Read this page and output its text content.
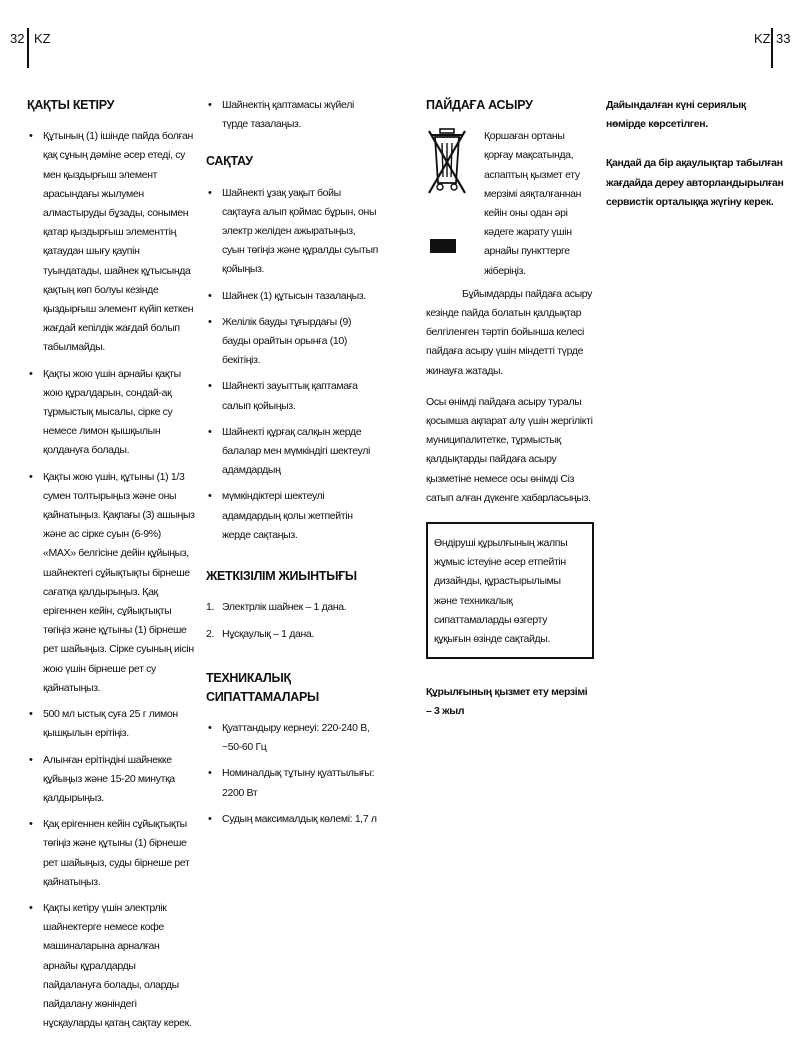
32 KZ	KZ 33
ҚАҚТЫ КЕТІРУ
• Құтының (1) ішінде пайда болған қақ сұның дәміне әсер етеді, су мен қыздырғыш элемент арасындағы жылумен алмастыруды бұзады, сонымен қатар қыздырғыш элементтің қатаудан шығу қаупін туындатады, шайнек құтысында қақтың көп болуы кезінде қыздырғыш элемент күйіп кеткен жағдай кепілдік жағдай болып табылмайды.
• Қақты жою үшін арнайы қақты жою құралдарын, сондай-ақ тұрмыстық мысалы, сірке су немесе лимон қышқылын қолдануға болады.
• Қақты жою үшін, құтыны (1) 1/3 сумен толтырыңыз және оны қайнатыңыз. Қақпағы (3) ашыңыз және ас сірке суын (6-9%) «MAX» белгісіне дейін құйыңыз, шайнектегі сұйықтықты бірнеше сағатқа қалдырыңыз. Қақ ерігеннен кейін, сұйықтықты төгіңіз және құтыны (1) бірнеше рет шайыңыз. Сірке суының иісін жою үшін бірнеше рет су қайнатыңыз.
• 500 мл ыстық суға 25 г лимон қышқылын ерітіңіз.
• Алынған ерітіндіні шайнекке құйыңыз және 15-20 минутқа қалдырыңыз.
• Қақ ерігеннен кейін сұйықтықты төгіңіз және құтыны (1) бірнеше рет шайыңыз, суды бірнеше рет қайнатыңыз.
• Қақты кетіру үшін электрлік шайнектерге немесе кофе машиналарына арналған арнайы құралдарды пайдалануға болады, оларды пайдалану жөніндегі нұсқауларды қатаң сақтау керек.
• Шайнектің қаптамасы жүйелі түрде тазалаңыз.
САҚТАУ
• Шайнекті ұзақ уақыт бойы сақтауға алып қоймас бұрын, оны электр желіден ажыратыңыз, суын төгіңіз және құралды суытып қойыңыз.
• Шайнек (1) құтысын тазалаңыз.
• Желілік бауды тұғырдағы (9) бауды орайтын орынға (10) бекітіңіз.
• Шайнекті зауыттық қаптамаға салып қойыңыз.
• Шайнекті құрғақ салқын жерде балалар мен мүмкіндігі шектеулі адамдардың
• мүмкіндіктері шектеулі адамдардың қолы жетпейтін жерде сақтаңыз.
ЖЕТКІЗІЛІМ ЖИЫНТЫҒЫ
1. Электрлік шайнек – 1 дана.
2. Нұсқаулық – 1 дана.
ТЕХНИКАЛЫҚ СИПАТТАМАЛАРЫ
• Қуаттандыру кернеуі: 220-240 В, ~50-60 Гц
• Номиналдық тұтыну қуаттылығы: 2200 Вт
• Судың максималдық көлемі: 1,7 л
ПАЙДАҒА АСЫРУ
Қоршаған ортаны қорғау мақсатында, аспаптың қызмет ету мерзімі аяқталғаннан кейін оны одан әрі кәдеге жарату үшін арнайы пункттерге жіберіңіз.
Бұйымдарды пайдаға асыру кезінде пайда болатын қалдықтар белгіленген тәртіп бойынша келесі пайдаға асыру үшін міндетті түрде жинауға жатады.

Осы өнімді пайдаға асыру туралы қосымша ақпарат алу үшін жергілікті муниципалитетке, тұрмыстық қалдықтарды пайдаға асыру қызметіне немесе осы өнімді Сіз сатып алған дүкенге хабарласыңыз.

Өндіруші құрылғының жалпы жұмыс істеуіне әсер етпейтін дизайнды, құрастырылымы және техникалық сипаттамаларды өзгерту құқығын өзінде сақтайды.
Құрылғының қызмет ету мерзімі – 3 жыл

Дайындалған күні сериялық нөмірде көрсетілген.

Қандай да бір ақаулықтар табылған жағдайда дереу авторландырылған сервистік орталыққа жүгіну керек.
